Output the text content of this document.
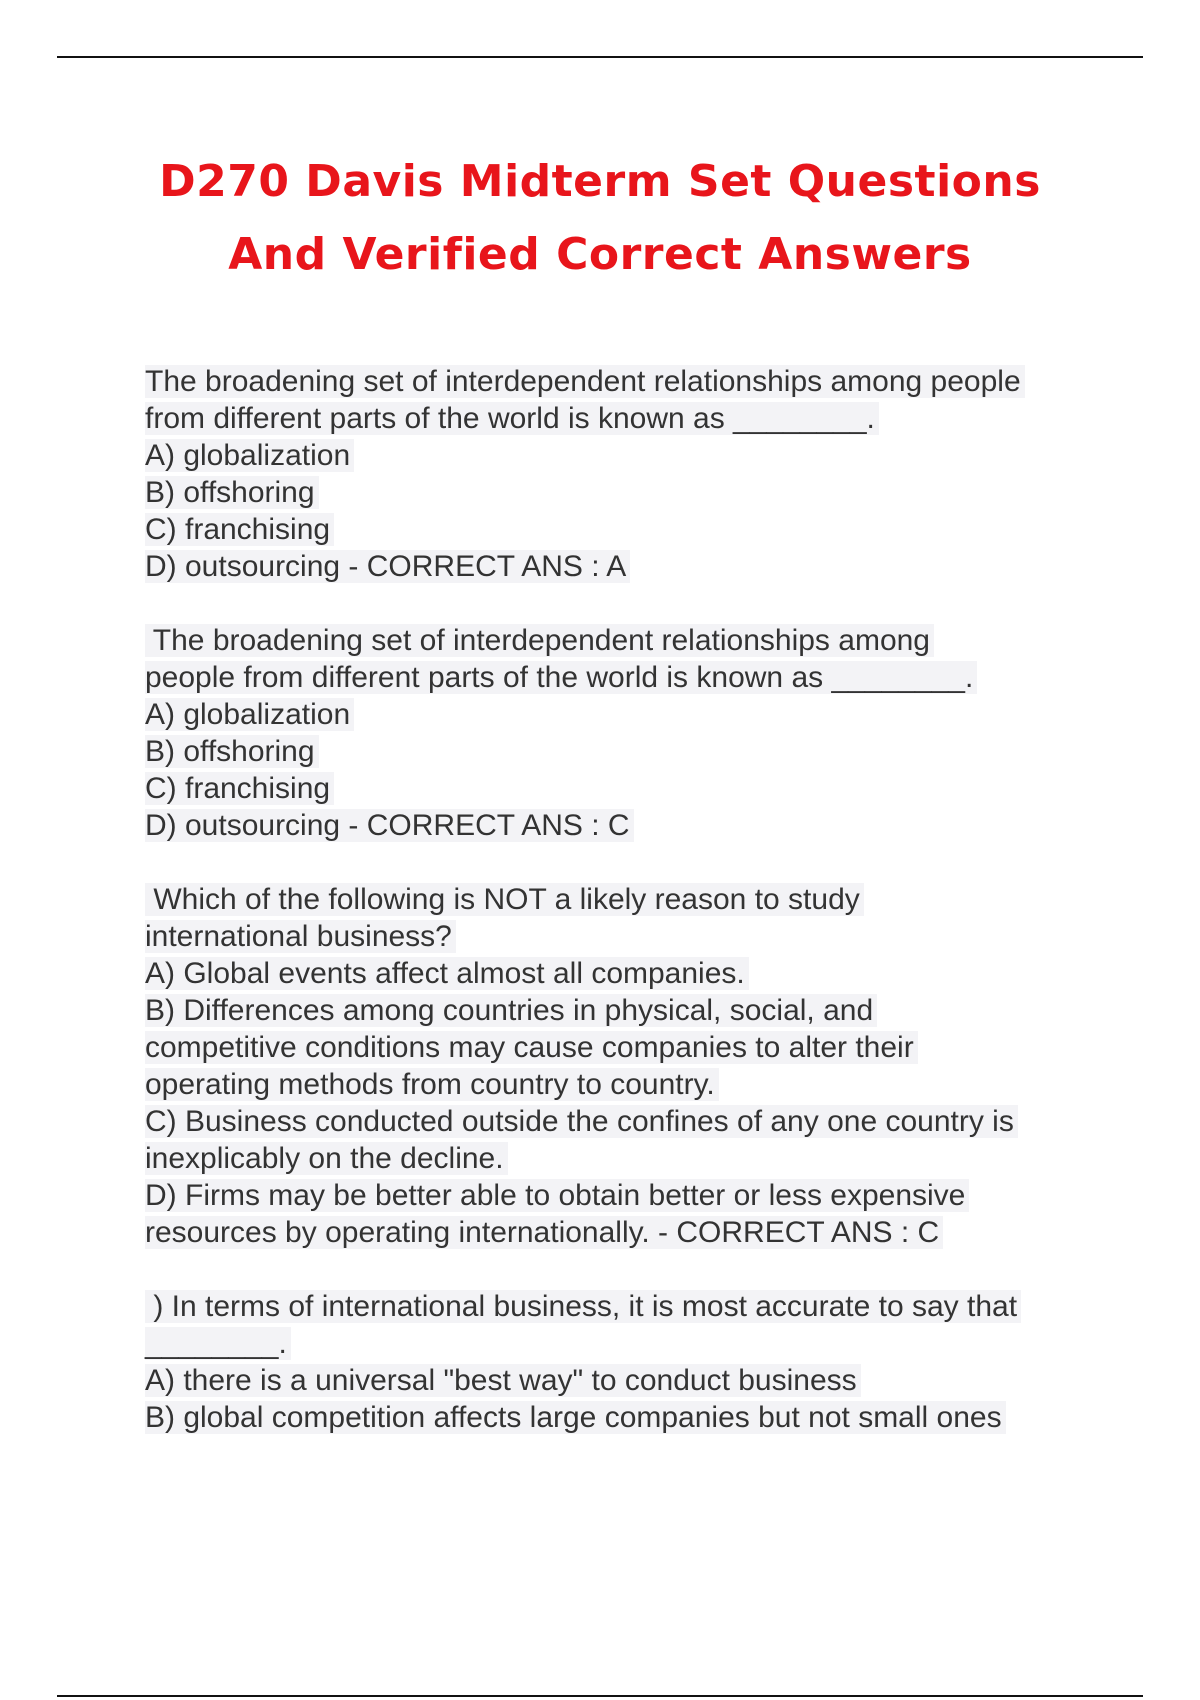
D270 Davis Midterm Set Questions
And Verified Correct Answers
The broadening set of interdependent relationships among people
from different parts of the world is known as ________.
A) globalization
B) offshoring
C) franchising
D) outsourcing - CORRECT ANS : A
The broadening set of interdependent relationships among
people from different parts of the world is known as ________.
A) globalization
B) offshoring
C) franchising
D) outsourcing - CORRECT ANS : C
Which of the following is NOT a likely reason to study
international business?
A) Global events affect almost all companies.
B) Differences among countries in physical, social, and
competitive conditions may cause companies to alter their
operating methods from country to country.
C) Business conducted outside the confines of any one country is
inexplicably on the decline.
D) Firms may be better able to obtain better or less expensive
resources by operating internationally. - CORRECT ANS : C
) In terms of international business, it is most accurate to say that
________.
A) there is a universal "best way" to conduct business
B) global competition affects large companies but not small ones
